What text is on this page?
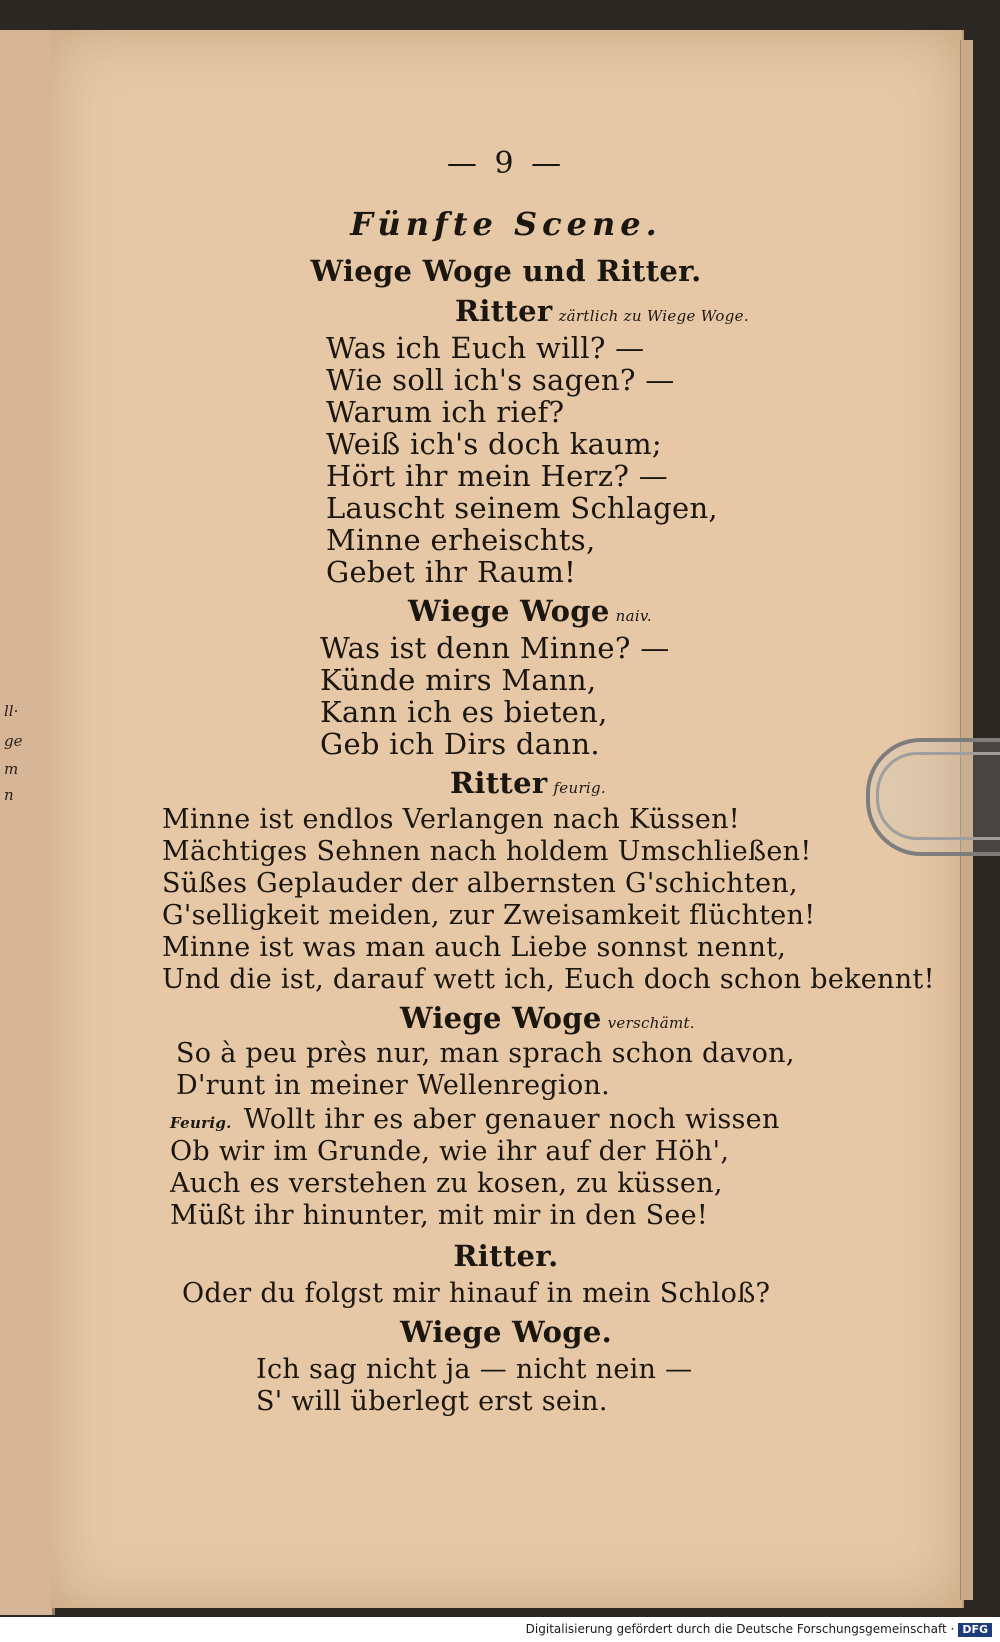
ll·
ge
m
n
— 9 —
Fünfte Scene.
Wiege Woge und Ritter.
Ritter zärtlich zu Wiege Woge.
Was ich Euch will? —
Wie soll ich's sagen? —
Warum ich rief?
Weiß ich's doch kaum;
Hört ihr mein Herz? —
Lauscht seinem Schlagen,
Minne erheischts,
Gebet ihr Raum!
Wiege Woge naiv.
Was ist denn Minne? —
Künde mirs Mann,
Kann ich es bieten,
Geb ich Dirs dann.
Ritter feurig.
Minne ist endlos Verlangen nach Küssen!
Mächtiges Sehnen nach holdem Umschließen!
Süßes Geplauder der albernsten G'schichten,
G'selligkeit meiden, zur Zweisamkeit flüchten!
Minne ist was man auch Liebe sonnst nennt,
Und die ist, darauf wett ich, Euch doch schon bekennt!
Wiege Woge verschämt.
So à peu près nur, man sprach schon davon,
D'runt in meiner Wellenregion.
Feurig. Wollt ihr es aber genauer noch wissen
Ob wir im Grunde, wie ihr auf der Höh',
Auch es verstehen zu kosen, zu küssen,
Müßt ihr hinunter, mit mir in den See!
Ritter.
Oder du folgst mir hinauf in mein Schloß?
Wiege Woge.
Ich sag nicht ja — nicht nein —
S' will überlegt erst sein.
Digitalisierung gefördert durch die Deutsche Forschungsgemeinschaft · DFG
